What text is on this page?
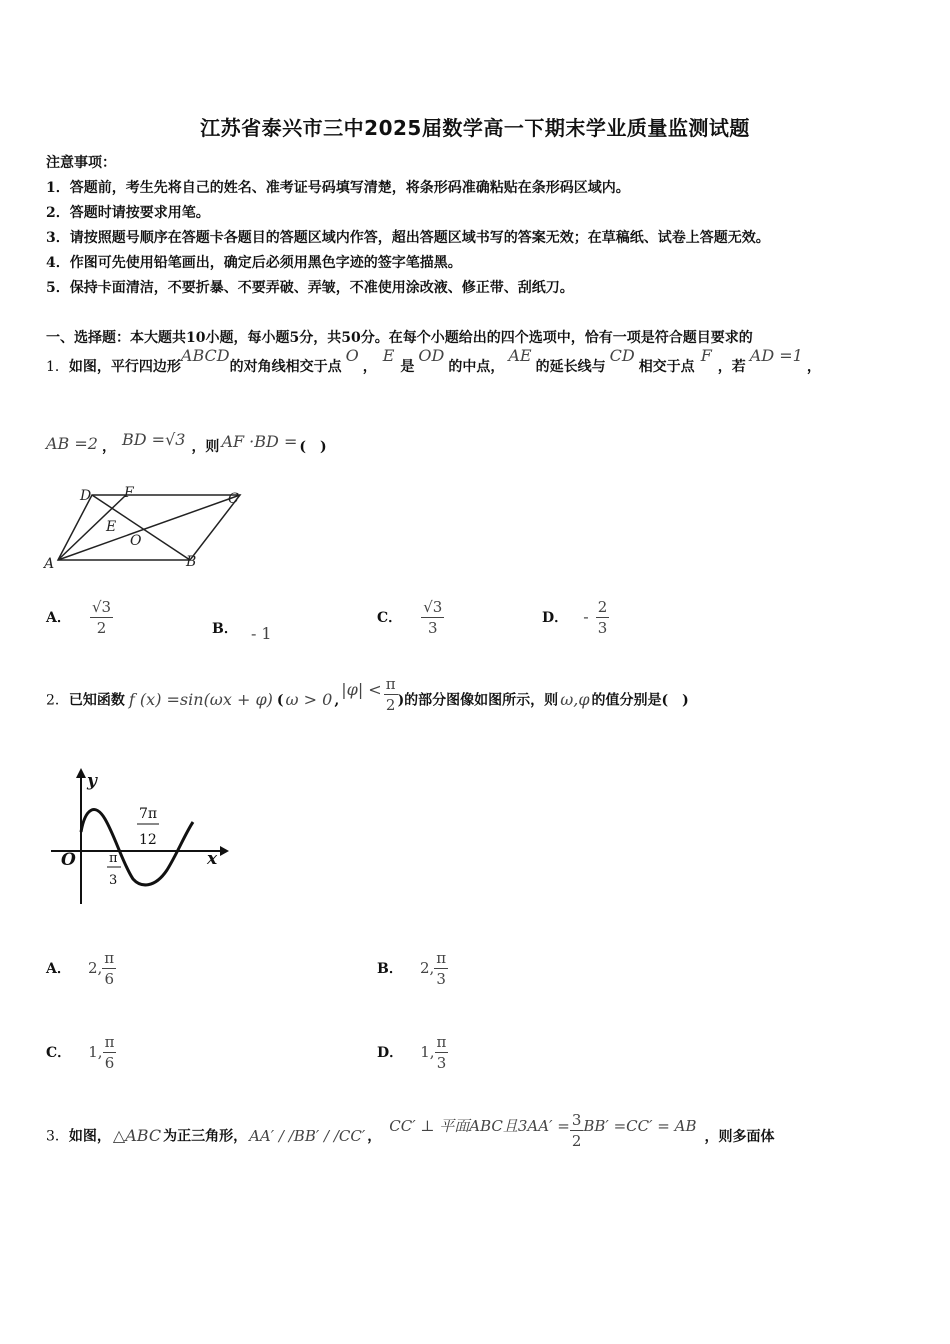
江苏省泰兴市三中2025届数学高一下期末学业质量监测试题
注意事项：
1．答题前，考生先将自己的姓名、准考证号码填写清楚，将条形码准确粘贴在条形码区域内。
2．答题时请按要求用笔。
3．请按照题号顺序在答题卡各题目的答题区域内作答，超出答题区域书写的答案无效；在草稿纸、试卷上答题无效。
4．作图可先使用铅笔画出，确定后必须用黑色字迹的签字笔描黑。
5．保持卡面清洁，不要折暴、不要弄破、弄皱，不准使用涂改液、修正带、刮纸刀。
一、选择题：本大题共10小题，每小题5分，共50分。在每个小题给出的四个选项中，恰有一项是符合题目要求的
1．如图，平行四边形ABCD的对角线相交于点O，E是OD的中点，AE的延长线与CD相交于点F，若AD =1，
AB =2 ， BD =√3 ，则 AF ·BD = (　)
A	B
C
D
E
F
O
A． $\frac{√3}{2}$	B． - 1
C． $\frac{√3}{3}$	D． - $\frac{2}{3}$
2．已知函数 f (x) =sin(ωx + φ) ( ω > 0 $,|\varphi| < \frac{\pi}{2}$ )的部分图像如图所示，则 ω,φ 的值分别是(　)
y
x
O
7π
12
π
3
A． 2, $\frac{\pi}{6}$	B． 2, $\frac{\pi}{3}$
C． 1, $\frac{\pi}{6}$	D． 1, $\frac{\pi}{3}$
3．如图， △ABC 为正三角形， AA′ / /BB′ / /CC′ ，CC′ ⊥ 平面ABC且$3AA' = \frac{3}{2} BB' =CC'$ = AB，则多面体
